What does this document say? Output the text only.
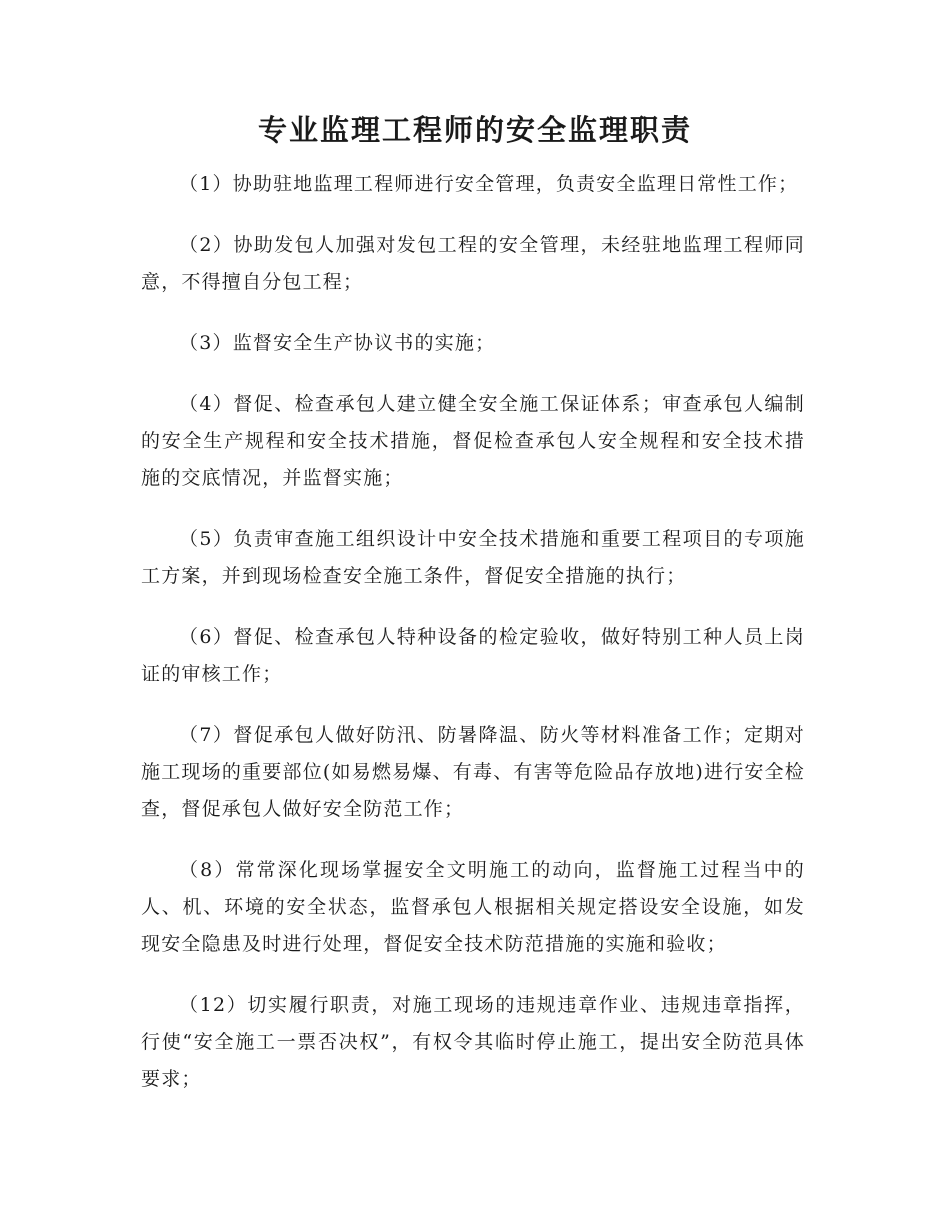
专业监理工程师的安全监理职责

（1）协助驻地监理工程师进行安全管理，负责安全监理日常性工作；

（2）协助发包人加强对发包工程的安全管理，未经驻地监理工程师同意，不得擅自分包工程；

（3）监督安全生产协议书的实施；

（4）督促、检查承包人建立健全安全施工保证体系；审查承包人编制的安全生产规程和安全技术措施，督促检查承包人安全规程和安全技术措施的交底情况，并监督实施；

（5）负责审查施工组织设计中安全技术措施和重要工程项目的专项施工方案，并到现场检查安全施工条件，督促安全措施的执行；

（6）督促、检查承包人特种设备的检定验收，做好特别工种人员上岗证的审核工作；

（7）督促承包人做好防汛、防暑降温、防火等材料准备工作；定期对施工现场的重要部位(如易燃易爆、有毒、有害等危险品存放地)进行安全检查，督促承包人做好安全防范工作；

（8）常常深化现场掌握安全文明施工的动向，监督施工过程当中的人、机、环境的安全状态，监督承包人根据相关规定搭设安全设施，如发现安全隐患及时进行处理，督促安全技术防范措施的实施和验收；

（12）切实履行职责，对施工现场的违规违章作业、违规违章指挥，行使“安全施工一票否决权”，有权令其临时停止施工，提出安全防范具体要求；
